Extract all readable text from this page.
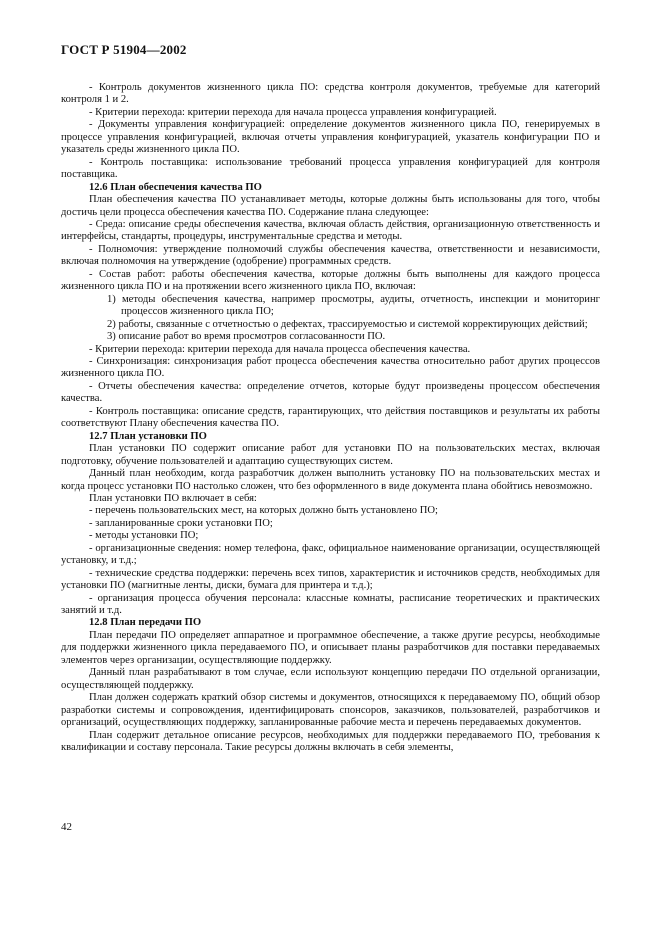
ГОСТ Р 51904—2002
- Контроль документов жизненного цикла ПО: средства контроля документов, требуемые для категорий контроля 1 и 2.
- Критерии перехода: критерии перехода для начала процесса управления конфигурацией.
- Документы управления конфигурацией: определение документов жизненного цикла ПО, генерируемых в процессе управления конфигурацией, включая отчеты управления конфигурацией, указатель конфигурации ПО и указатель среды жизненного цикла ПО.
- Контроль поставщика: использование требований процесса управления конфигурацией для контроля поставщика.
12.6 План обеспечения качества ПО
План обеспечения качества ПО устанавливает методы, которые должны быть использованы для того, чтобы достичь цели процесса обеспечения качества ПО. Содержание плана следующее:
- Среда: описание среды обеспечения качества, включая область действия, организационную ответственность и интерфейсы, стандарты, процедуры, инструментальные средства и методы.
- Полномочия: утверждение полномочий службы обеспечения качества, ответственности и независимости, включая полномочия на утверждение (одобрение) программных средств.
- Состав работ: работы обеспечения качества, которые должны быть выполнены для каждого процесса жизненного цикла ПО и на протяжении всего жизненного цикла ПО, включая:
1) методы обеспечения качества, например просмотры, аудиты, отчетность, инспекции и мониторинг процессов жизненного цикла ПО;
2) работы, связанные с отчетностью о дефектах, трассируемостью и системой корректирующих действий;
3) описание работ во время просмотров согласованности ПО.
- Критерии перехода: критерии перехода для начала процесса обеспечения качества.
- Синхронизация: синхронизация работ процесса обеспечения качества относительно работ других процессов жизненного цикла ПО.
- Отчеты обеспечения качества: определение отчетов, которые будут произведены процессом обеспечения качества.
- Контроль поставщика: описание средств, гарантирующих, что действия поставщиков и результаты их работы соответствуют Плану обеспечения качества ПО.
12.7 План установки ПО
План установки ПО содержит описание работ для установки ПО на пользовательских местах, включая подготовку, обучение пользователей и адаптацию существующих систем.
Данный план необходим, когда разработчик должен выполнить установку ПО на пользовательских местах и когда процесс установки ПО настолько сложен, что без оформленного в виде документа плана обойтись невозможно.
План установки ПО включает в себя:
- перечень пользовательских мест, на которых должно быть установлено ПО;
- запланированные сроки установки ПО;
- методы установки ПО;
- организационные сведения: номер телефона, факс, официальное наименование организации, осуществляющей установку, и т.д.;
- технические средства поддержки: перечень всех типов, характеристик и источников средств, необходимых для установки ПО (магнитные ленты, диски, бумага для принтера и т.д.);
- организация процесса обучения персонала: классные комнаты, расписание теоретических и практических занятий и т.д.
12.8 План передачи ПО
План передачи ПО определяет аппаратное и программное обеспечение, а также другие ресурсы, необходимые для поддержки жизненного цикла передаваемого ПО, и описывает планы разработчиков для поставки передаваемых элементов через организации, осуществляющие поддержку.
Данный план разрабатывают в том случае, если используют концепцию передачи ПО отдельной организации, осуществляющей поддержку.
План должен содержать краткий обзор системы и документов, относящихся к передаваемому ПО, общий обзор разработки системы и сопровождения, идентифицировать спонсоров, заказчиков, пользователей, разработчиков и организаций, осуществляющих поддержку, запланированные рабочие места и перечень передаваемых документов.
План содержит детальное описание ресурсов, необходимых для поддержки передаваемого ПО, требования к квалификации и составу персонала. Такие ресурсы должны включать в себя элементы,
42
